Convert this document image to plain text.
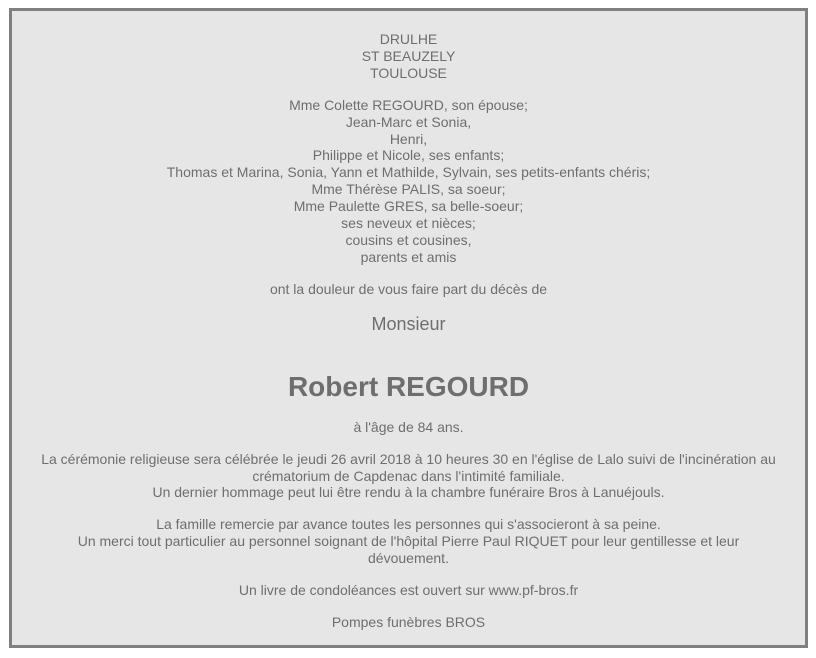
DRULHE
ST BEAUZELY
TOULOUSE
Mme Colette REGOURD, son épouse;
Jean-Marc et Sonia,
Henri,
Philippe et Nicole, ses enfants;
Thomas et Marina, Sonia, Yann et Mathilde, Sylvain, ses petits-enfants chéris;
Mme Thérèse PALIS, sa soeur;
Mme Paulette GRES, sa belle-soeur;
ses neveux et nièces;
cousins et cousines,
parents et amis
ont la douleur de vous faire part du décès de
Monsieur
Robert REGOURD
à l'âge de 84 ans.
La cérémonie religieuse sera célébrée le jeudi 26 avril 2018 à 10 heures 30 en l'église de Lalo suivi de l'incinération au crématorium de Capdenac dans l'intimité familiale.
Un dernier hommage peut lui être rendu à la chambre funéraire Bros à Lanuéjouls.
La famille remercie par avance toutes les personnes qui s'associeront à sa peine.
Un merci tout particulier au personnel soignant de l'hôpital Pierre Paul RIQUET pour leur gentillesse et leur dévouement.
Un livre de condoléances est ouvert sur www.pf-bros.fr
Pompes funèbres BROS
